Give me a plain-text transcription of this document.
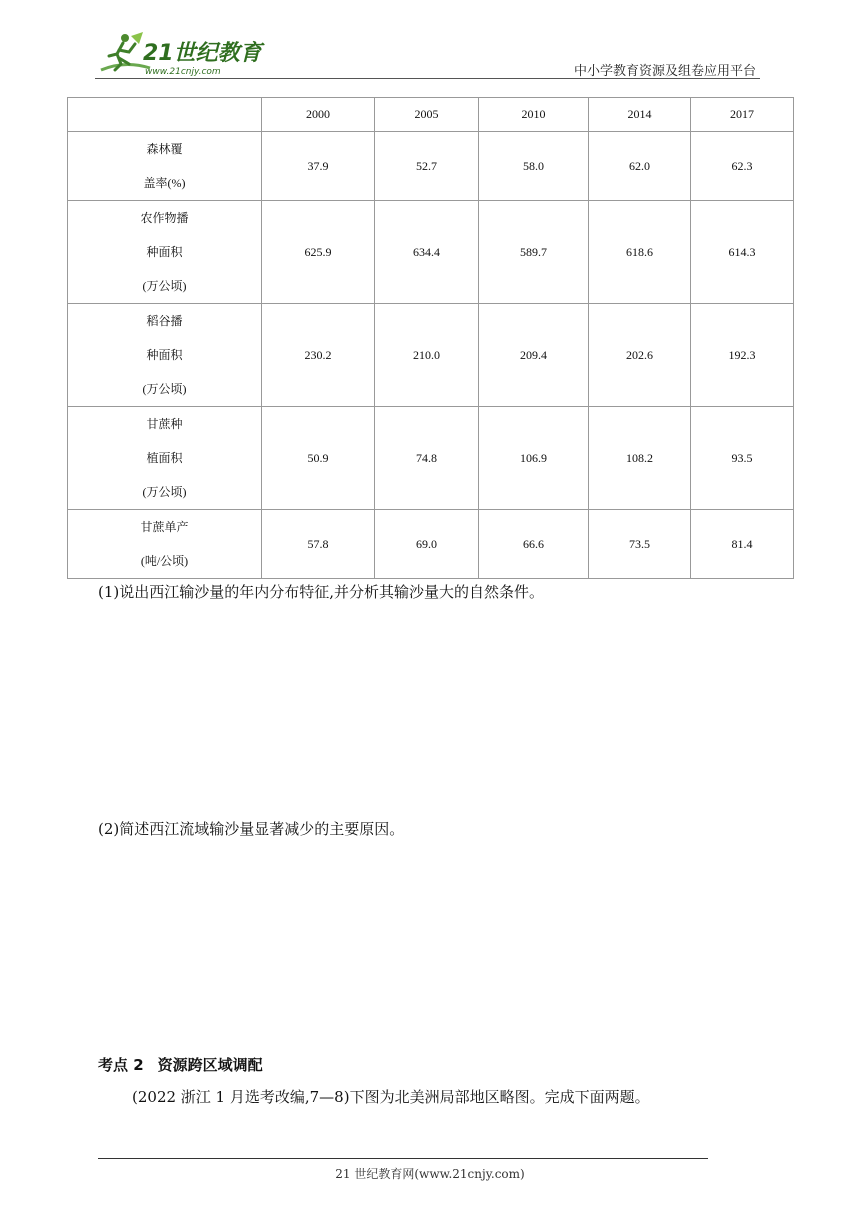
21世纪教育
www.21cnjy.com	中小学教育资源及组卷应用平台
	2000	2005	2010	2014	2017

森林覆
盖率(%)	37.9	52.7	58.0	62.0	62.3

农作物播
种面积
(万公顷)	625.9	634.4	589.7	618.6	614.3

稻谷播
种面积
(万公顷)	230.2	210.0	209.4	202.6	192.3

甘蔗种
植面积
(万公顷)	50.9	74.8	106.9	108.2	93.5

甘蔗单产
(吨/公顷)	57.8	69.0	66.6	73.5	81.4
(1)说出西江输沙量的年内分布特征,并分析其输沙量大的自然条件。
(2)简述西江流域输沙量显著减少的主要原因。
考点 2 资源跨区域调配
(2022 浙江 1 月选考改编,7—8)下图为北美洲局部地区略图。完成下面两题。
21 世纪教育网(www.21cnjy.com)
